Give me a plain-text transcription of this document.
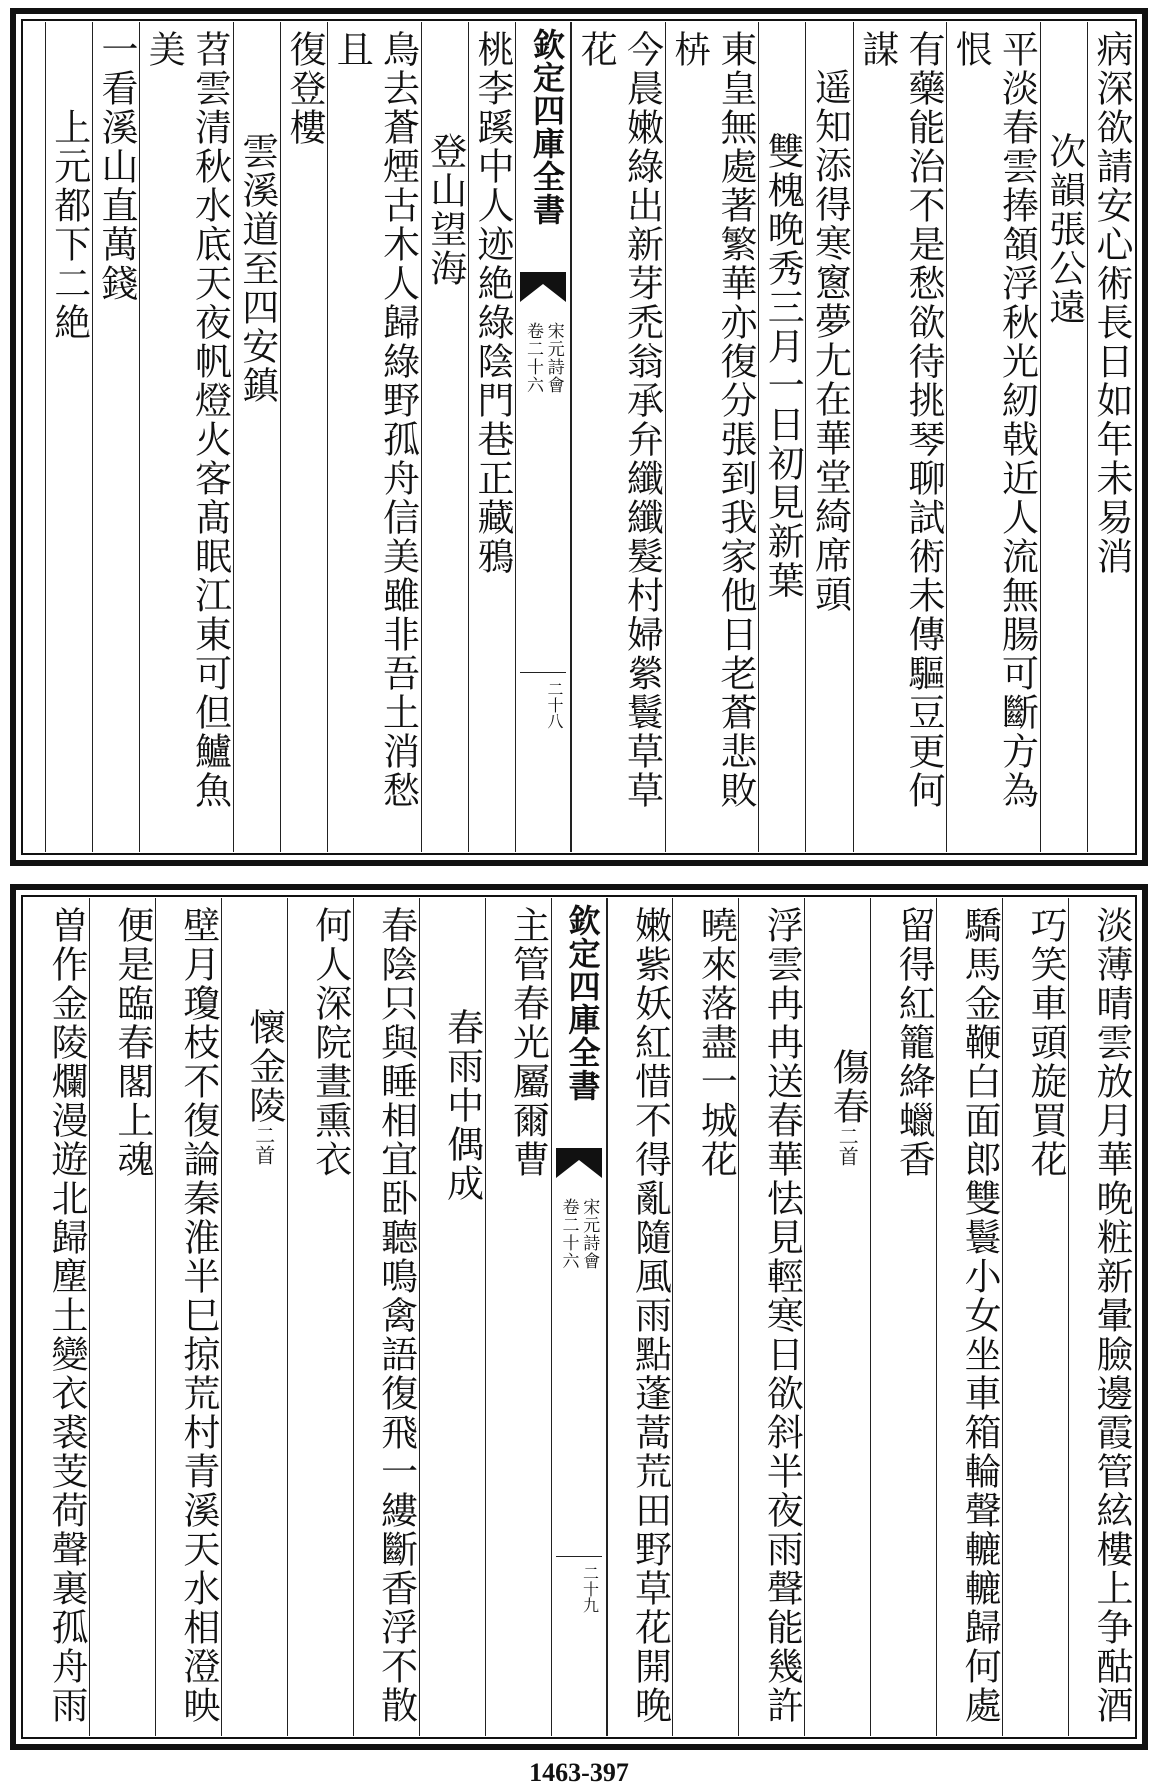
病深欲請安心術長日如年未易消
次韻張公遠
平淡春雲捧頷浮秋光紉戟近人流無腸可斷方為恨
有藥能治不是愁欲待挑琴聊試術未傳驅豆更何謀
遥知添得寒窻夢尢在華堂綺席頭
雙槐晚秀三月一日初見新葉
東皇無處著繁華亦復分張到我家他日老蒼悲敗枿
今晨嫩綠出新芽禿翁承弁纖纖髮村婦縈鬟草草花
欽定四庫全書
宋元詩會
卷二十六
二十八
桃李蹊中人迹絶綠陰門巷正藏鴉
登山望海
鳥去蒼煙古木人歸綠野孤舟信美雖非吾土消愁且
復登樓
雲溪道至四安鎮
苕雲清秋水底天夜帆燈火客髙眠江東可但鱸魚美
一看溪山直萬錢
上元都下二絶
淡薄晴雲放月華晚粧新暈臉邊霞管絃樓上争酤酒
巧笑車頭旋買花
驕馬金鞭白面郎雙鬟小女坐車箱輪聲轆轆歸何處
留得紅籠絳蠟香
傷春二首
浮雲冉冉送春華怯見輕寒日欲斜半夜雨聲能幾許
曉來落盡一城花
嫩紫妖紅惜不得亂隨風雨點蓬蒿荒田野草花開晚
欽定四庫全書
宋元詩會
卷二十六
二十九
主管春光屬爾曹
春雨中偶成
春陰只與睡相宜卧聽鳴禽語復飛一縷斷香浮不散
何人深院晝熏衣
懷金陵二首
壁月瓊枝不復論秦淮半巳掠荒村青溪天水相澄映
便是臨春閣上魂
曽作金陵爛漫遊北歸塵土變衣裘芰荷聲裏孤舟雨
1463-397
